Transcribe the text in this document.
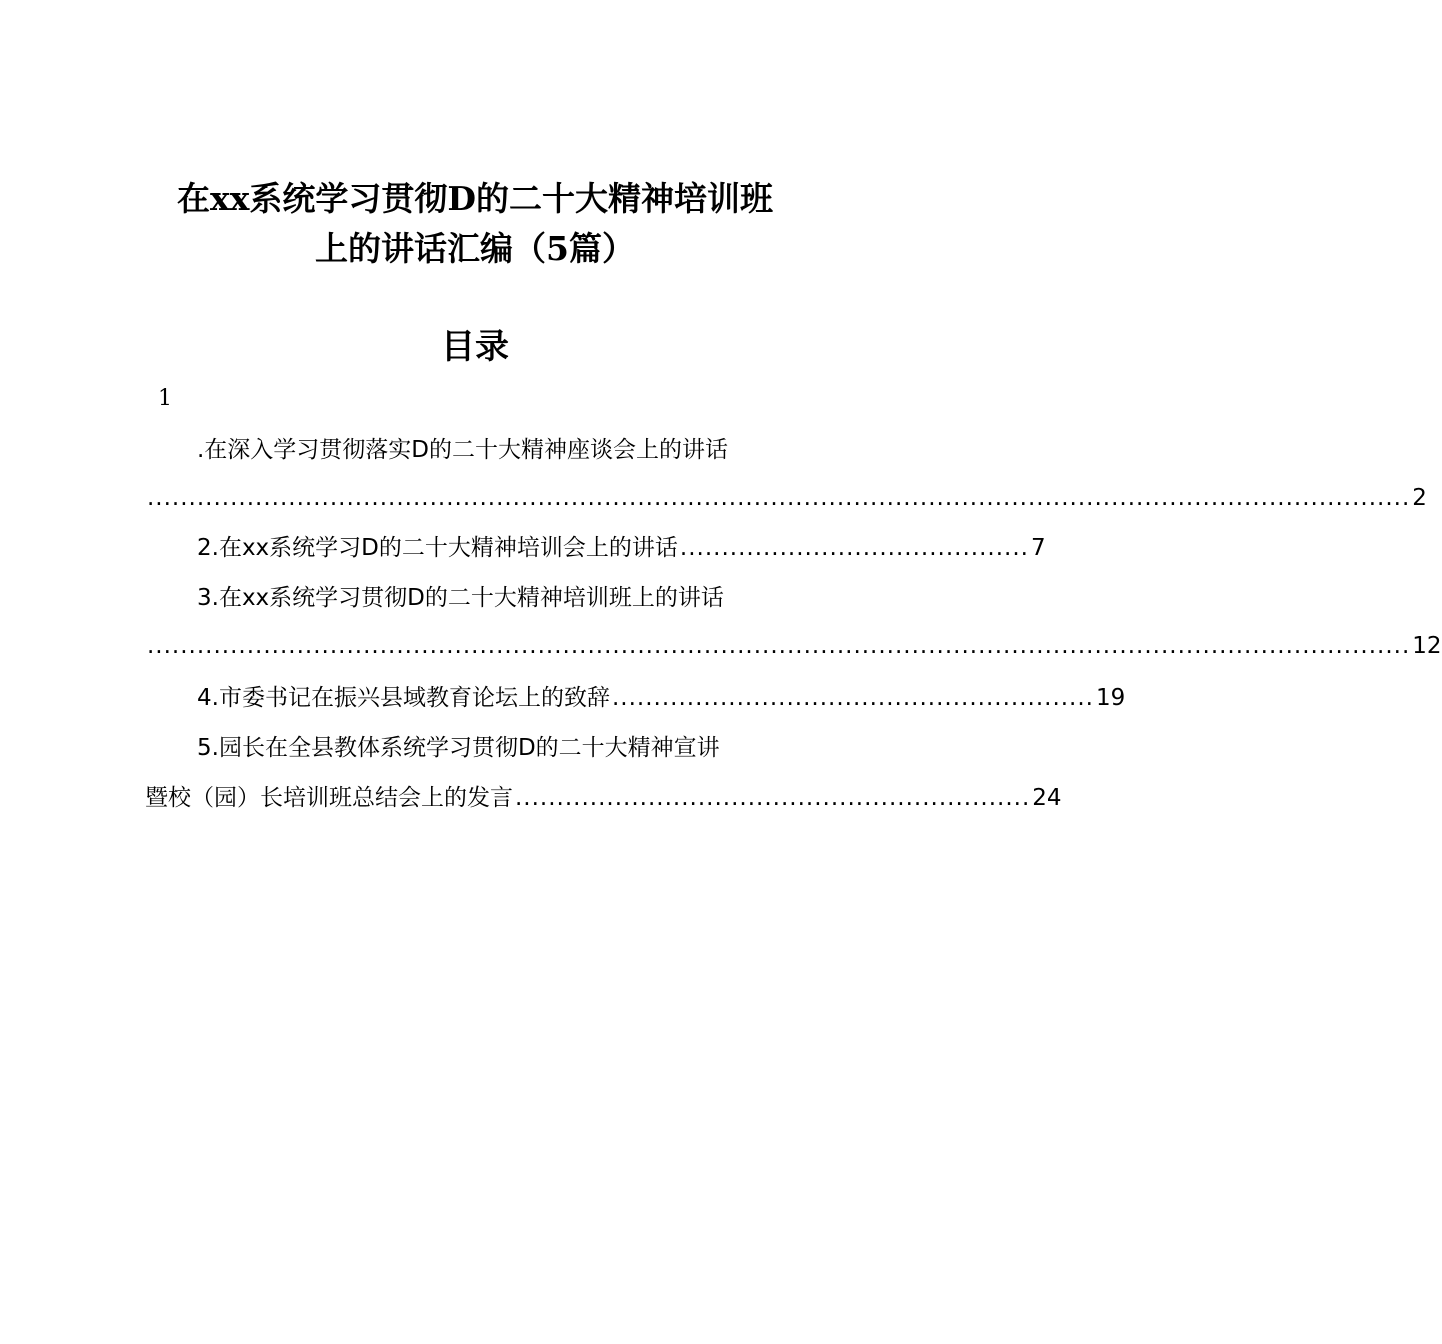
在xx系统学习贯彻D的二十大精神培训班
上的讲话汇编（5篇）
目录
1
.在深入学习贯彻落实D的二十大精神座谈会上的讲话
........................................................................................................................................................ 2
2.在xx系统学习D的二十大精神培训会上的讲话 .......................................... 7
3.在xx系统学习贯彻D的二十大精神培训班上的讲话
........................................................................................................................................................ 12
4.市委书记在振兴县域教育论坛上的致辞 .......................................................... 19
5.园长在全县教体系统学习贯彻D的二十大精神宣讲
暨校（园）长培训班总结会上的发言 .............................................................. 24
